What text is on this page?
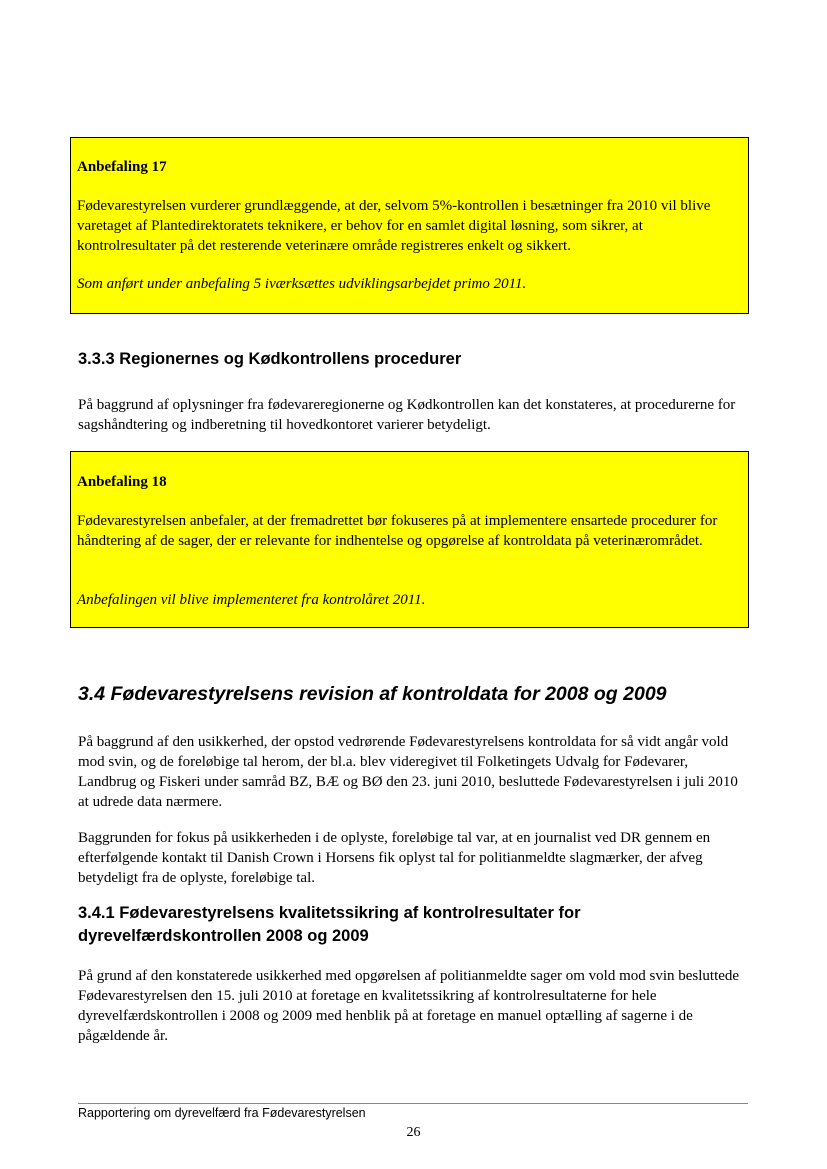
Anbefaling 17
Fødevarestyrelsen vurderer grundlæggende, at der, selvom 5%-kontrollen i besætninger fra 2010 vil blive varetaget af Plantedirektoratets teknikere, er behov for en samlet digital løsning, som sikrer, at kontrolresultater på det resterende veterinære område registreres enkelt og sikkert.
Som anført under anbefaling 5 iværksættes udviklingsarbejdet primo 2011.
3.3.3 Regionernes og Kødkontrollens procedurer
På baggrund af oplysninger fra fødevareregionerne og Kødkontrollen kan det konstateres, at procedurerne for sagshåndtering og indberetning til hovedkontoret varierer betydeligt.
Anbefaling 18
Fødevarestyrelsen anbefaler, at der fremadrettet bør fokuseres på at implementere ensartede procedurer for håndtering af de sager, der er relevante for indhentelse og opgørelse af kontroldata på veterinærområdet.
Anbefalingen vil blive implementeret fra kontrolåret 2011.
3.4 Fødevarestyrelsens revision af kontroldata for 2008 og 2009
På baggrund af den usikkerhed, der opstod vedrørende Fødevarestyrelsens kontroldata for så vidt angår vold mod svin, og de foreløbige tal herom, der bl.a. blev videregivet til Folketingets Udvalg for Fødevarer, Landbrug og Fiskeri under samråd BZ, BÆ og BØ den 23. juni 2010, besluttede Fødevarestyrelsen i juli 2010 at udrede data nærmere.
Baggrunden for fokus på usikkerheden i de oplyste, foreløbige tal var, at en journalist ved DR gennem en efterfølgende kontakt til Danish Crown i Horsens fik oplyst tal for politianmeldte slagmærker, der afveg betydeligt fra de oplyste, foreløbige tal.
3.4.1 Fødevarestyrelsens kvalitetssikring af kontrolresultater for
dyrevelfærdskontrollen 2008 og 2009
På grund af den konstaterede usikkerhed med opgørelsen af politianmeldte sager om vold mod svin besluttede Fødevarestyrelsen den 15. juli 2010 at foretage en kvalitetssikring af kontrolresultaterne for hele dyrevelfærdskontrollen i 2008 og 2009 med henblik på at foretage en manuel optælling af sagerne i de pågældende år.
Rapportering om dyrevelfærd fra Fødevarestyrelsen
26
